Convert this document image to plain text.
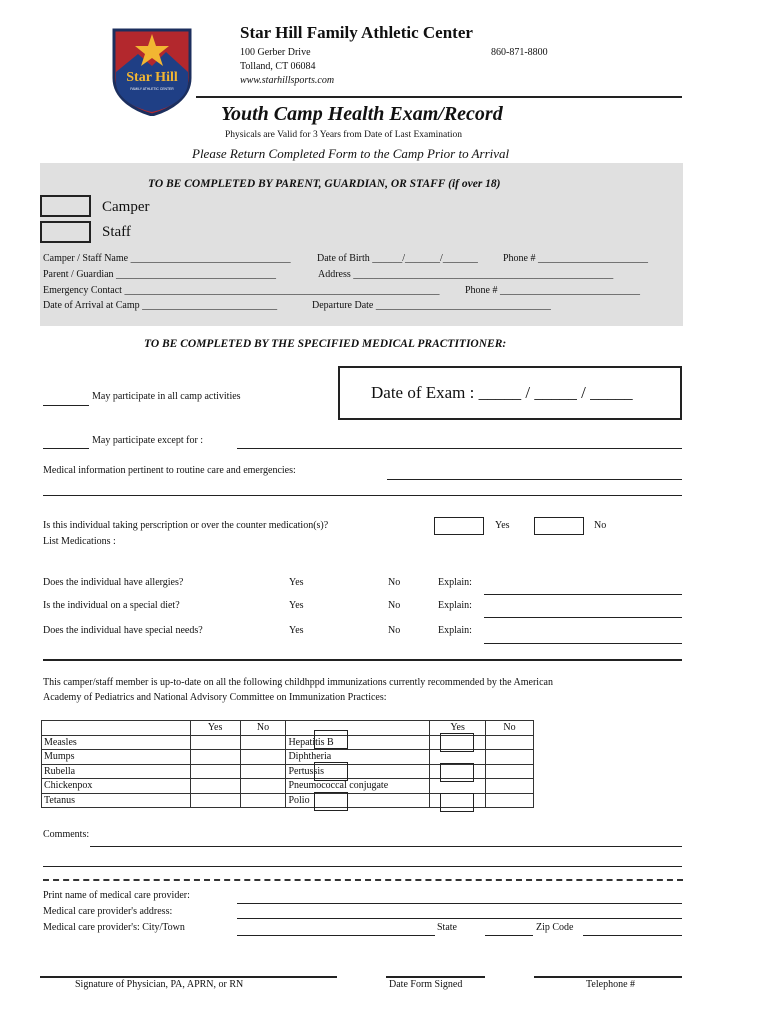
Star Hill
FAMILY ATHLETIC CENTER
Star Hill Family Athletic Center
100 Gerber Drive
Tolland, CT 06084
www.starhillsports.com
860-871-8800
Youth Camp Health Exam/Record
Physicals are Valid for 3 Years from Date of Last Examination
Please Return Completed Form to the Camp Prior to Arrival
TO BE COMPLETED BY PARENT, GUARDIAN, OR STAFF (if over 18)
Camper
Staff
Camper / Staff Name ________________________________	Date of Birth ______/_______/_______	Phone # ______________________
Parent / Guardian ________________________________	Address ____________________________________________________
Emergency Contact _______________________________________________________________	Phone # ____________________________
Date of Arrival at Camp ___________________________	Departure Date ___________________________________
TO BE COMPLETED BY THE SPECIFIED MEDICAL PRACTITIONER:
May participate in all camp activities	Date of Exam : _____ / _____ / _____
May participate except for :
Medical information pertinent to routine care and emergencies:
Is this individual taking perscription or over the counter medication(s)?
List Medications :
Yes	No
Does the individual have allergies?	Yes	No	Explain:
Is the individual on a special diet?	Yes	No	Explain:
Does the individual have special needs?	Yes	No	Explain:
This camper/staff member is up-to-date on all the following childhppd immunizations currently recommended by the American
Academy of Pediatrics and National Advisory Committee on Immunization Practices:
	Yes	No		Yes	No
Measles			Hepatitis B		
Mumps			Diphtheria		
Rubella			Pertussis		
Chickenpox			Pneumococcal conjugate		
Tetanus			Polio		
Comments:
Print name of medical care provider:
Medical care provider's address:
Medical care provider's: City/Town	State	Zip Code
Signature of Physician, PA, APRN, or RN	Date Form Signed	Telephone #
